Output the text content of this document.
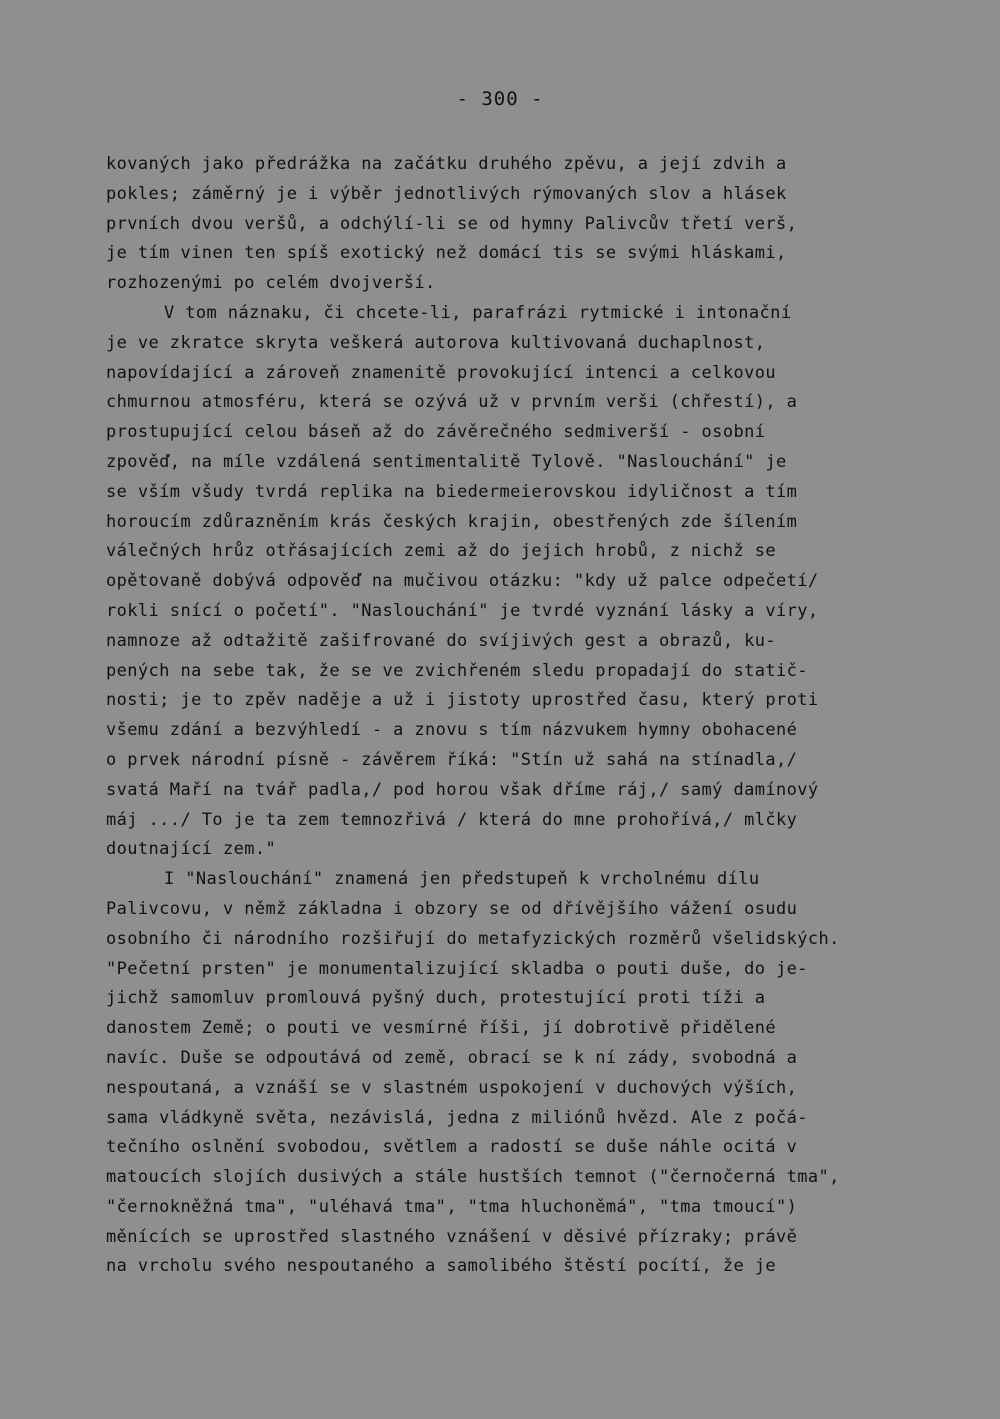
- 300 -
kovaných jako předrážka na začátku druhého zpěvu, a její zdvih a
pokles; záměrný je i výběr jednotlivých rýmovaných slov a hlásek
prvních dvou veršů, a odchýlí-li se od hymny Palivcův třetí verš,
je tím vinen ten spíš exotický než domácí tis se svými hláskami,
rozhozenými po celém dvojverší.
V tom náznaku, či chcete-li, parafrázi rytmické i intonační
je ve zkratce skryta veškerá autorova kultivovaná duchaplnost,
napovídající a zároveň znamenitě provokující intenci a celkovou
chmurnou atmosféru, která se ozývá už v prvním verši (chřestí), a
prostupující celou báseň až do závěrečného sedmiverší - osobní
zpověď, na míle vzdálená sentimentalitě Tylově. "Naslouchání" je
se vším všudy tvrdá replika na biedermeierovskou idyličnost a tím
horoucím zdůrazněním krás českých krajin, obestřených zde šílením
válečných hrůz otřásajících zemi až do jejich hrobů, z nichž se
opětovaně dobývá odpověď na mučivou otázku: "kdy už palce odpečetí/
rokli snící o početí". "Naslouchání" je tvrdé vyznání lásky a víry,
namnoze až odtažitě zašifrované do svíjivých gest a obrazů, ku-
pených na sebe tak, že se ve zvichřeném sledu propadají do statič-
nosti; je to zpěv naděje a už i jistoty uprostřed času, který proti
všemu zdání a bezvýhledí - a znovu s tím názvukem hymny obohacené
o prvek národní písně - závěrem říká: "Stín už sahá na stínadla,/
svatá Maří na tvář padla,/ pod horou však dříme ráj,/ samý damínový
máj .../ To je ta zem temnozřivá / která do mne prohořívá,/ mlčky
doutnající zem."
I "Naslouchání" znamená jen předstupeň k vrcholnému dílu
Palivcovu, v němž základna i obzory se od dřívějšího vážení osudu
osobního či národního rozšiřují do metafyzických rozměrů všelidských.
"Pečetní prsten" je monumentalizující skladba o pouti duše, do je-
jichž samomluv promlouvá pyšný duch, protestující proti tíži a
danostem Země; o pouti ve vesmírné říši, jí dobrotivě přidělené
navíc. Duše se odpoutává od země, obrací se k ní zády, svobodná a
nespoutaná, a vznáší se v slastném uspokojení v duchových výších,
sama vládkyně světa, nezávislá, jedna z miliónů hvězd. Ale z počá-
tečního oslnění svobodou, světlem a radostí se duše náhle ocitá v
matoucích slojích dusivých a stále hustších temnot ("černočerná tma",
"černokněžná tma", "uléhavá tma", "tma hluchoněmá", "tma tmoucí")
měnících se uprostřed slastného vznášení v děsivé přízraky; právě
na vrcholu svého nespoutaného a samolibého štěstí pocítí, že je
